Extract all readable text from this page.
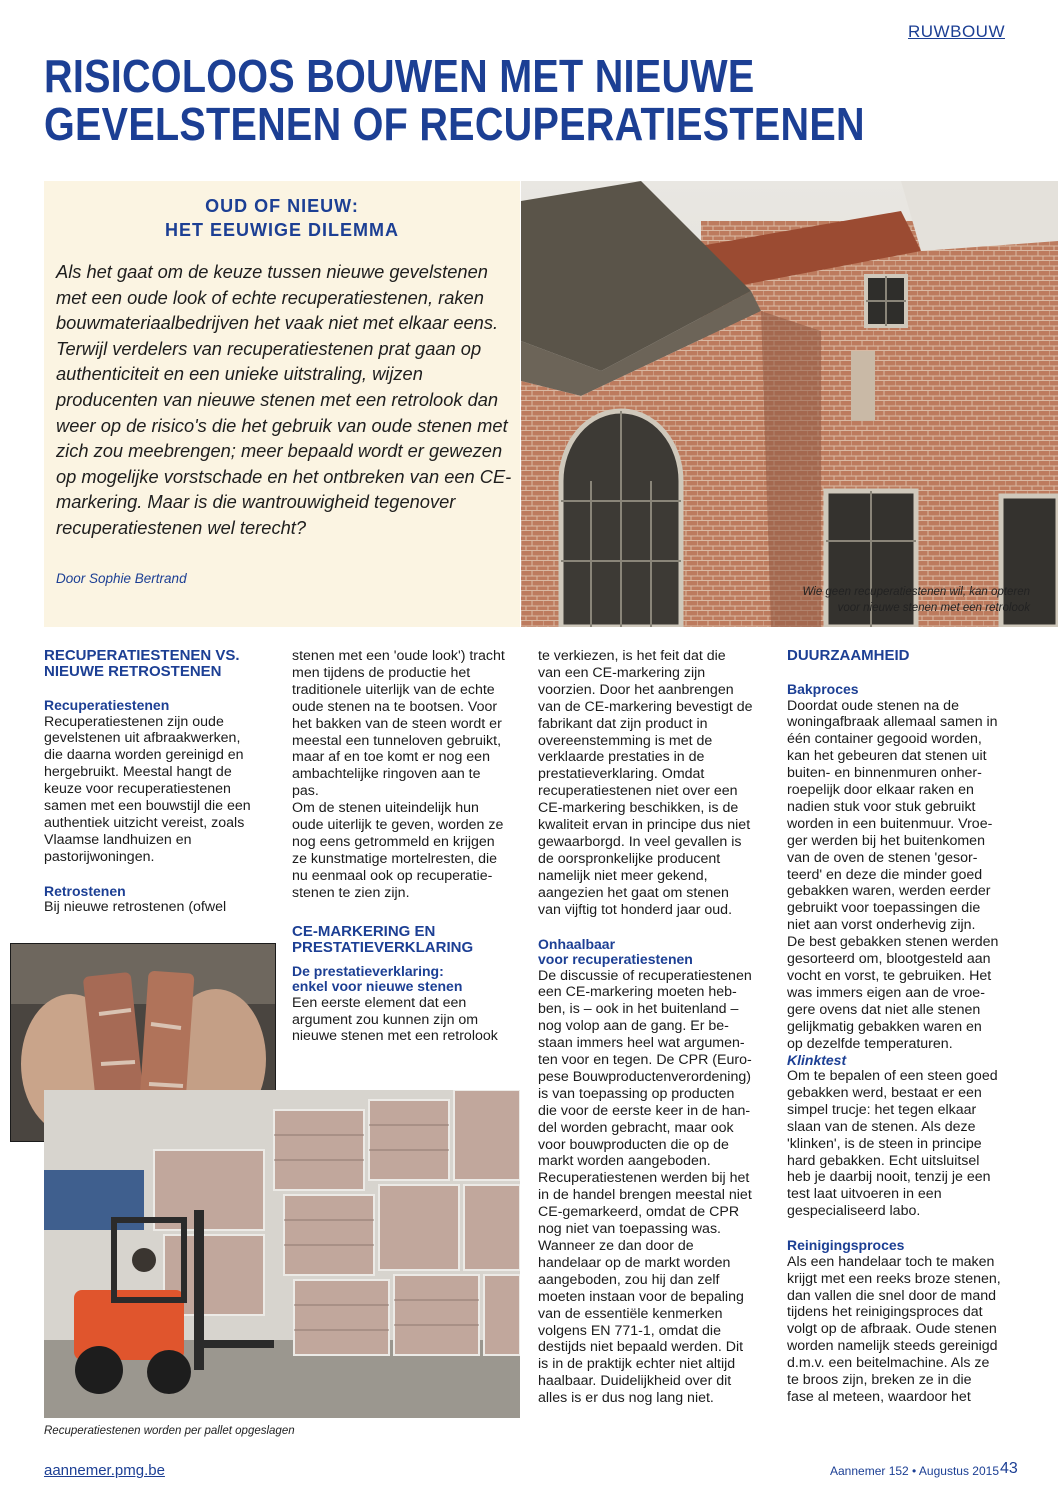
RUWBOUW
RISICOLOOS BOUWEN MET NIEUWE
GEVELSTENEN OF RECUPERATIESTENEN
OUD OF NIEUW:
HET EEUWIGE DILEMMA
Als het gaat om de keuze tussen nieuwe gevelstenen met een oude look of echte recuperatiestenen, raken bouwmateriaalbedrijven het vaak niet met elkaar eens. Terwijl verdelers van recuperatiestenen prat gaan op authenticiteit en een unieke uitstraling, wijzen producenten van nieuwe stenen met een retrolook dan weer op de risico's die het gebruik van oude stenen met zich zou meebrengen; meer bepaald wordt er gewezen op mogelijke vorstschade en het ontbreken van een CE-markering. Maar is die wantrouwigheid tegenover recuperatiestenen wel terecht?
Door Sophie Bertrand
Wie geen recuperatiestenen wil, kan opteren
voor nieuwe stenen met een retrolook
RECUPERATIESTENEN VS.
NIEUWE RETROSTENEN
Recuperatiestenen
Recuperatiestenen zijn oude
gevelstenen uit afbraakwerken,
die daarna worden gereinigd en
hergebruikt. Meestal hangt de
keuze voor recuperatiestenen
samen met een bouwstijl die een
authentiek uitzicht vereist, zoals
Vlaamse landhuizen en
pastorijwoningen.
Retrostenen
Bij nieuwe retrostenen (ofwel
stenen met een 'oude look') tracht
men tijdens de productie het
traditionele uiterlijk van de echte
oude stenen na te bootsen. Voor
het bakken van de steen wordt er
meestal een tunneloven gebruikt,
maar af en toe komt er nog een
ambachtelijke ringoven aan te
pas.
Om de stenen uiteindelijk hun
oude uiterlijk te geven, worden ze
nog eens getrommeld en krijgen
ze kunstmatige mortelresten, die
nu eenmaal ook op recuperatie-
stenen te zien zijn.
CE-MARKERING EN
PRESTATIEVERKLARING
De prestatieverklaring:
enkel voor nieuwe stenen
Een eerste element dat een
argument zou kunnen zijn om
nieuwe stenen met een retrolook
Recuperatiestenen worden per pallet opgeslagen
te verkiezen, is het feit dat die
van een CE-markering zijn
voorzien. Door het aanbrengen
van de CE-markering bevestigt de
fabrikant dat zijn product in
overeenstemming is met de
verklaarde prestaties in de
prestatieverklaring. Omdat
recuperatiestenen niet over een
CE-markering beschikken, is de
kwaliteit ervan in principe dus niet
gewaarborgd. In veel gevallen is
de oorspronkelijke producent
namelijk niet meer gekend,
aangezien het gaat om stenen
van vijftig tot honderd jaar oud.
Onhaalbaar
voor recuperatiestenen
De discussie of recuperatiestenen
een CE-markering moeten heb-
ben, is – ook in het buitenland –
nog volop aan de gang. Er be-
staan immers heel wat argumen-
ten voor en tegen. De CPR (Euro-
pese Bouwproductenverordening)
is van toepassing op producten
die voor de eerste keer in de han-
del worden gebracht, maar ook
voor bouwproducten die op de
markt worden aangeboden.
Recuperatiestenen werden bij het
in de handel brengen meestal niet
CE-gemarkeerd, omdat de CPR
nog niet van toepassing was.
Wanneer ze dan door de
handelaar op de markt worden
aangeboden, zou hij dan zelf
moeten instaan voor de bepaling
van de essentiële kenmerken
volgens EN 771-1, omdat die
destijds niet bepaald werden. Dit
is in de praktijk echter niet altijd
haalbaar. Duidelijkheid over dit
alles is er dus nog lang niet.
DUURZAAMHEID
Bakproces
Doordat oude stenen na de
woningafbraak allemaal samen in
één container gegooid worden,
kan het gebeuren dat stenen uit
buiten- en binnenmuren onher-
roepelijk door elkaar raken en
nadien stuk voor stuk gebruikt
worden in een buitenmuur. Vroe-
ger werden bij het buitenkomen
van de oven de stenen 'gesor-
teerd' en deze die minder goed
gebakken waren, werden eerder
gebruikt voor toepassingen die
niet aan vorst onderhevig zijn.
De best gebakken stenen werden
gesorteerd om, blootgesteld aan
vocht en vorst, te gebruiken. Het
was immers eigen aan de vroe-
gere ovens dat niet alle stenen
gelijkmatig gebakken waren en
op dezelfde temperaturen.
Klinktest
Om te bepalen of een steen goed
gebakken werd, bestaat er een
simpel trucje: het tegen elkaar
slaan van de stenen. Als deze
'klinken', is de steen in principe
hard gebakken. Echt uitsluitsel
heb je daarbij nooit, tenzij je een
test laat uitvoeren in een
gespecialiseerd labo.
Reinigingsproces
Als een handelaar toch te maken
krijgt met een reeks broze stenen,
dan vallen die snel door de mand
tijdens het reinigingsproces dat
volgt op de afbraak. Oude stenen
worden namelijk steeds gereinigd
d.m.v. een beitelmachine. Als ze
te broos zijn, breken ze in die
fase al meteen, waardoor het
aannemer.pmg.be	Aannemer 152 • Augustus 2015 43
